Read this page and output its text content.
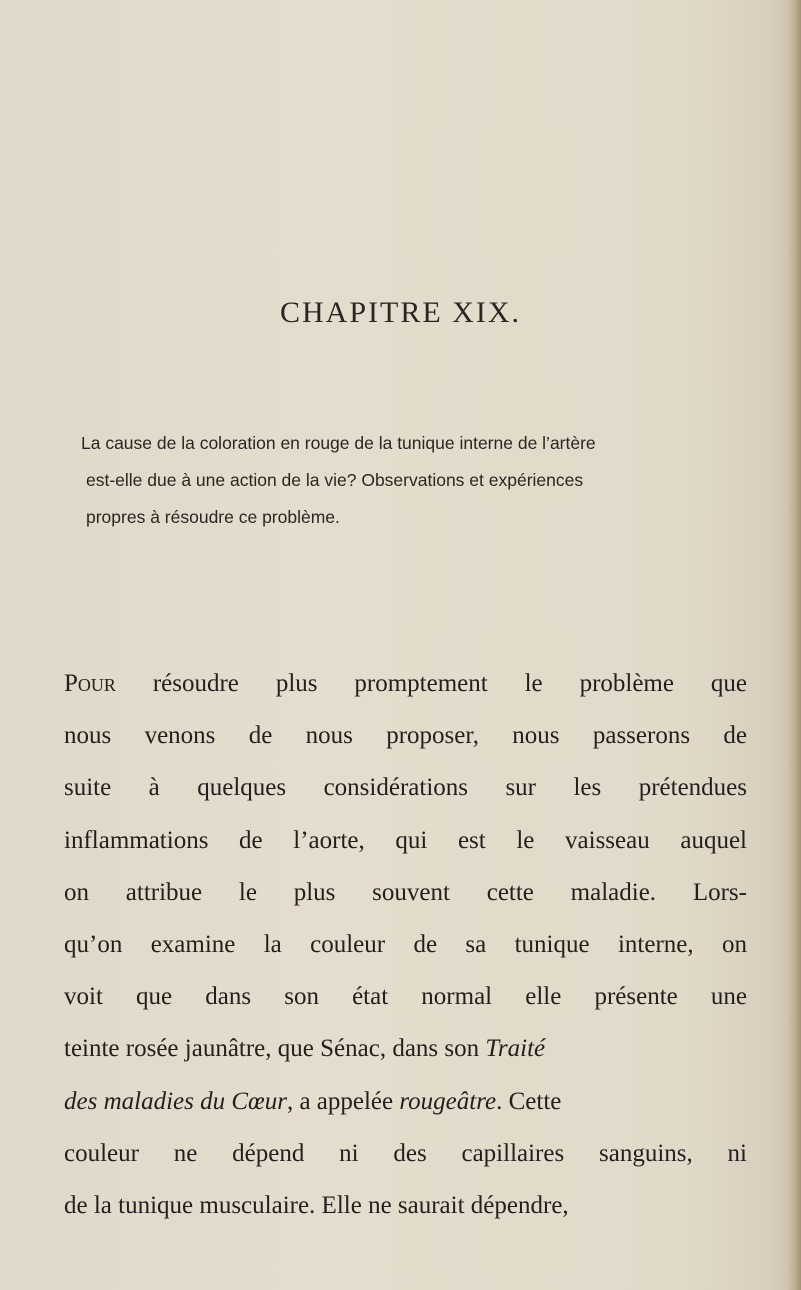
CHAPITRE XIX.
La cause de la coloration en rouge de la tunique interne de l’artère
est-elle due à une action de la vie? Observations et expériences
propres à résoudre ce problème.
Pour résoudre plus promptement le problème que
nous venons de nous proposer, nous passerons de
suite à quelques considérations sur les prétendues
inflammations de l’aorte, qui est le vaisseau auquel
on attribue le plus souvent cette maladie. Lors-
qu’on examine la couleur de sa tunique interne, on
voit que dans son état normal elle présente une
teinte rosée jaunâtre, que Sénac, dans son Traité
des maladies du Cœur, a appelée rougeâtre. Cette
couleur ne dépend ni des capillaires sanguins, ni
de la tunique musculaire. Elle ne saurait dépendre,
